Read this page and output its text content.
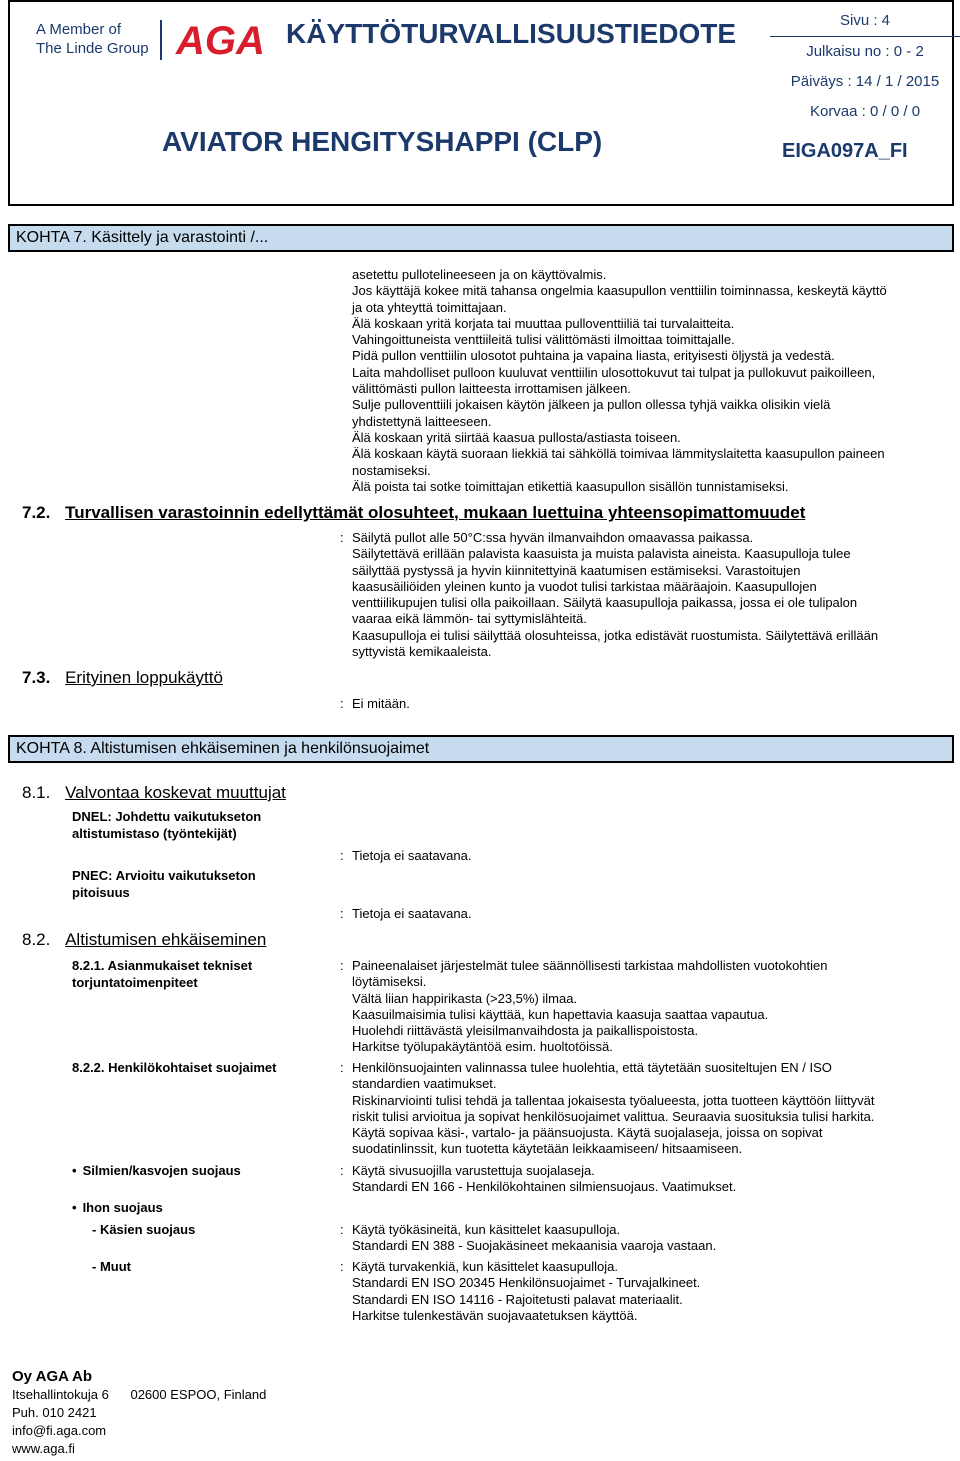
A Member of
The Linde Group AGA KÄYTTÖTURVALLISUUSTIEDOTE
AVIATOR HENGITYSHAPPI (CLP)
Sivu : 4
Julkaisu no : 0 - 2
Päiväys : 14 / 1 / 2015
Korvaa : 0 / 0 / 0
EIGA097A_FI
KOHTA 7. Käsittely ja varastointi /...
asetettu pullotelineeseen ja on käyttövalmis.
Jos käyttäjä kokee mitä tahansa ongelmia kaasupullon venttiilin toiminnassa, keskeytä käyttö
ja ota yhteyttä toimittajaan.
Älä koskaan yritä korjata tai muuttaa pulloventtiiliä tai turvalaitteita.
Vahingoittuneista venttiileitä tulisi välittömästi ilmoittaa toimittajalle.
Pidä pullon venttiilin ulosotot puhtaina ja vapaina liasta, erityisesti öljystä ja vedestä.
Laita mahdolliset pulloon kuuluvat venttiilin ulosottokuvut tai tulpat ja pullokuvut paikoilleen,
välittömästi pullon laitteesta irrottamisen jälkeen.
Sulje pulloventtiili jokaisen käytön jälkeen ja pullon ollessa tyhjä vaikka olisikin vielä
yhdistettynä laitteeseen.
Älä koskaan yritä siirtää kaasua pullosta/astiasta toiseen.
Älä koskaan käytä suoraan liekkiä tai sähköllä toimivaa lämmityslaitetta kaasupullon paineen
nostamiseksi.
Älä poista tai sotke toimittajan etikettiä kaasupullon sisällön tunnistamiseksi.
7.2. Turvallisen varastoinnin edellyttämät olosuhteet, mukaan luettuina yhteensopimattomuudet
: Säilytä pullot alle 50°C:ssa hyvän ilmanvaihdon omaavassa paikassa.
Säilytettävä erillään palavista kaasuista ja muista palavista aineista. Kaasupulloja tulee
säilyttää pystyssä ja hyvin kiinnitettyinä kaatumisen estämiseksi. Varastoitujen
kaasusäiliöiden yleinen kunto ja vuodot tulisi tarkistaa määräajoin. Kaasupullojen
venttiilikupujen tulisi olla paikoillaan. Säilytä kaasupulloja paikassa, jossa ei ole tulipalon
vaaraa eikä lämmön- tai syttymislähteitä.
Kaasupulloja ei tulisi säilyttää olosuhteissa, jotka edistävät ruostumista. Säilytettävä erillään
syttyvistä kemikaaleista.
7.3. Erityinen loppukäyttö
: Ei mitään.
KOHTA 8. Altistumisen ehkäiseminen ja henkilönsuojaimet
8.1. Valvontaa koskevat muuttujat
DNEL: Johdettu vaikutukseton
altistumistaso (työntekijät)
: Tietoja ei saatavana.
PNEC: Arvioitu vaikutukseton
pitoisuus
: Tietoja ei saatavana.
8.2. Altistumisen ehkäiseminen
8.2.1. Asianmukaiset tekniset
torjuntatoimenpiteet
: Paineenalaiset järjestelmät tulee säännöllisesti tarkistaa mahdollisten vuotokohtien
löytämiseksi.
Vältä liian happirikasta (>23,5%) ilmaa.
Kaasuilmaisimia tulisi käyttää, kun hapettavia kaasuja saattaa vapautua.
Huolehdi riittävästä yleisilmanvaihdosta ja paikallispoistosta.
Harkitse työlupakäytäntöä esim. huoltotöissä.
8.2.2. Henkilökohtaiset suojaimet	: Henkilönsuojainten valinnassa tulee huolehtia, että täytetään suositeltujen EN / ISO
standardien vaatimukset.
Riskinarviointi tulisi tehdä ja tallentaa jokaisesta työalueesta, jotta tuotteen käyttöön liittyvät
riskit tulisi arvioitua ja sopivat henkilösuojaimet valittua. Seuraavia suosituksia tulisi harkita.
Käytä sopivaa käsi-, vartalo- ja päänsuojusta. Käytä suojalaseja, joissa on sopivat
suodatinlinssit, kun tuotetta käytetään leikkaamiseen/ hitsaamiseen.
• Silmien/kasvojen suojaus	: Käytä sivusuojilla varustettuja suojalaseja.
Standardi EN 166 - Henkilökohtainen silmiensuojaus. Vaatimukset.
• Ihon suojaus
- Käsien suojaus	: Käytä työkäsineitä, kun käsittelet kaasupulloja.
Standardi EN 388 - Suojakäsineet mekaanisia vaaroja vastaan.
- Muut	: Käytä turvakenkiä, kun käsittelet kaasupulloja.
Standardi EN ISO 20345 Henkilönsuojaimet - Turvajalkineet.
Standardi EN ISO 14116 - Rajoitetusti palavat materiaalit.
Harkitse tulenkestävän suojavaatetuksen käyttöä.
Oy AGA Ab
Itsehallintokuja 6 02600 ESPOO, Finland
Puh. 010 2421
info@fi.aga.com
www.aga.fi
